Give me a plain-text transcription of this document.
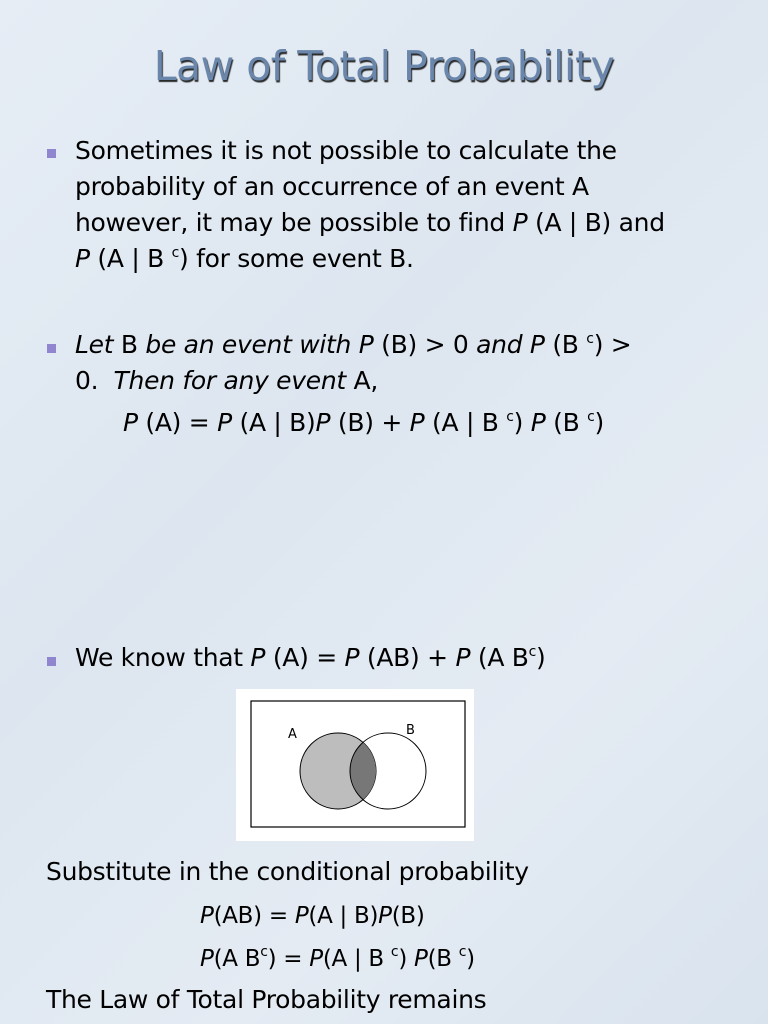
Law of Total Probability
Sometimes it is not possible to calculate the
probability of an occurrence of an event A
however, it may be possible to find P (A | B) and
P (A | B $^c$) for some event B.
Let B be an event with P (B) > 0 and P (B $^c$) >
0.  Then for any event A,
P (A) = P (A | B)P (B) + P (A | B $^c$) P (B $^c$)
We know that P (A) = P (AB) + P (A $B^c$)
A	B
Substitute in the conditional probability
P(AB) = P(A | B)P(B)
P(A $B^c) = P(A$ | B $^c$) P(B $^c$)
The Law of Total Probability remains
